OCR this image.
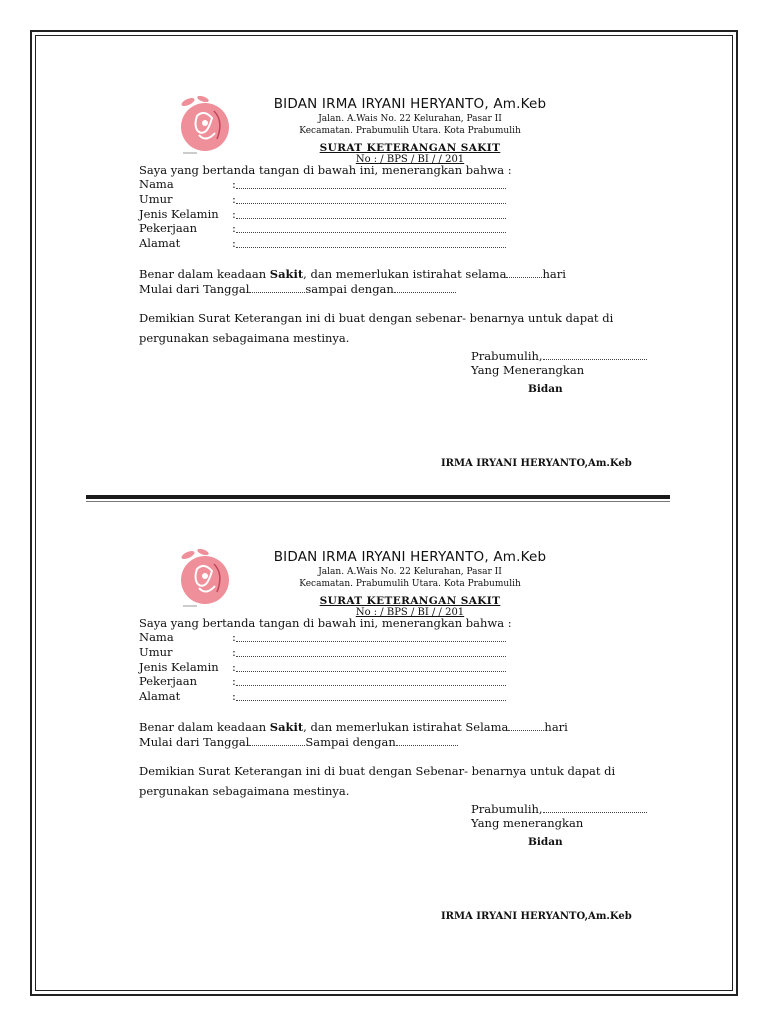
BIDAN IRMA IRYANI HERYANTO, Am.Keb
Jalan. A.Wais No. 22 Kelurahan, Pasar II
Kecamatan. Prabumulih Utara. Kota Prabumulih
SURAT KETERANGAN SAKIT
No : / BPS / BI / / 201
Saya yang bertanda tangan di bawah ini, menerangkan bahwa :
Nama	:
Umur	:
Jenis Kelamin :
Pekerjaan	:
Alamat	:
Benar dalam keadaan Sakit, dan memerlukan istirahat selama	hari
Mulai dari Tanggal	sampai dengan
Demikian Surat Keterangan ini di buat dengan sebenar- benarnya untuk dapat di
pergunakan sebagaimana mestinya.
Prabumulih,
Yang Menerangkan
Bidan
IRMA IRYANI HERYANTO,Am.Keb
BIDAN IRMA IRYANI HERYANTO, Am.Keb
Jalan. A.Wais No. 22 Kelurahan, Pasar II
Kecamatan. Prabumulih Utara. Kota Prabumulih
SURAT KETERANGAN SAKIT
No : / BPS / BI / / 201
Saya yang bertanda tangan di bawah ini, menerangkan bahwa :
Nama	:
Umur	:
Jenis Kelamin :
Pekerjaan	:
Alamat	:
Benar dalam keadaan Sakit, dan memerlukan istirahat Selama	hari
Mulai dari Tanggal	Sampai dengan
Demikian Surat Keterangan ini di buat dengan Sebenar- benarnya untuk dapat di
pergunakan sebagaimana mestinya.
Prabumulih,
Yang menerangkan
Bidan
IRMA IRYANI HERYANTO,Am.Keb
